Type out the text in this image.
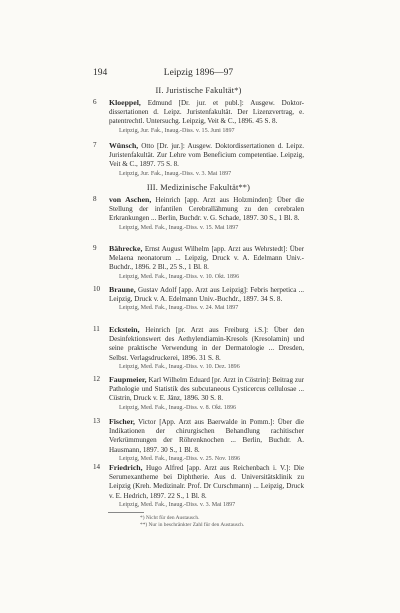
194	Leipzig 1896—97
II. Juristische Fakultät*)
6	Kloeppel, Edmund [Dr. jur. et publ.]: Ausgew. Doktor-dissertationen d. Leipz. Juristenfakultät. Der Lizenzvertrag, e. patentrechtl. Untersuchg. Leipzig, Veit & C., 1896. 45 S. 8.
Leipzig, Jur. Fak., Inaug.-Diss. v. 15. Juni 1897
7	Wünsch, Otto [Dr. jur.]: Ausgew. Doktordissertationen d. Leipz. Juristenfakultät. Zur Lehre vom Beneficium competentiae. Leipzig, Veit & C., 1897. 75 S. 8.
Leipzig, Jur. Fak., Inaug.-Diss. v. 3. Mai 1897
III. Medizinische Fakultät**)
8	von Aschen, Heinrich [app. Arzt aus Holzminden]: Über die Stellung der infantilen Cerebrallähmung zu den cerebralen Erkrankungen ... Berlin, Buchdr. v. G. Schade, 1897. 30 S., 1 Bl. 8.
Leipzig, Med. Fak., Inaug.-Diss. v. 15. Mai 1897
9	Bährecke, Ernst August Wilhelm [app. Arzt aus Wehrstedt]: Über Melaena neonatorum ... Leipzig, Druck v. A. Edelmann Univ.-Buchdr., 1896. 2 Bl., 25 S., 1 Bl. 8.
Leipzig, Med. Fak., Inaug.-Diss. v. 10. Okt. 1896
10	Braune, Gustav Adolf [app. Arzt aus Leipzig]: Febris herpetica ... Leipzig, Druck v. A. Edelmann Univ.-Buchdr., 1897. 34 S. 8.
Leipzig, Med. Fak., Inaug.-Diss. v. 24. Mai 1897
11	Eckstein, Heinrich [pr. Arzt aus Freiburg i.S.]: Über den Desinfektionswert des Aethylendiamin-Kresols (Kresolamin) und seine praktische Verwendung in der Dermatologie ... Dresden, Selbst. Verlagsdruckerei, 1896. 31 S. 8.
Leipzig, Med. Fak., Inaug.-Diss. v. 10. Dez. 1896
12	Faupmeier, Karl Wilhelm Eduard [pr. Arzt in Cöstrin]: Beitrag zur Pathologie und Statistik des subcutaneous Cysticercus cellulosae ... Cüstrin, Druck v. E. Jänz, 1896. 30 S. 8.
Leipzig, Med. Fak., Inaug.-Diss. v. 8. Okt. 1896
13	Fischer, Victor [App. Arzt aus Baerwalde in Pomm.]: Über die Indikationen der chirurgischen Behandlung rachitischer Verkrümmungen der Röhrenknochen ... Berlin, Buchdr. A. Hausmann, 1897. 30 S., 1 Bl. 8.
Leipzig, Med. Fak., Inaug.-Diss. v. 25. Nov. 1896
14	Friedrich, Hugo Alfred [app. Arzt aus Reichenbach i. V.]: Die Serumexantheme bei Diphtherie. Aus d. Universitätsklinik zu Leipzig (Kreh. Medizinalr. Prof. Dr Curschmann) ... Leipzig, Druck v. E. Hedrich, 1897. 22 S., 1 Bl. 8.
Leipzig, Med. Fak., Inaug.-Diss. v. 3. Mai 1897
*) Nicht für den Austausch.
**) Nur in beschränkter Zahl für den Austausch.
